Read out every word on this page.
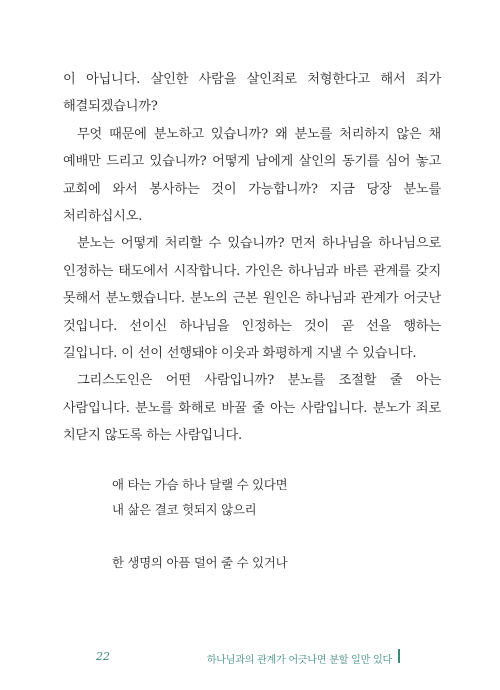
이 아닙니다. 살인한 사람을 살인죄로 처형한다고 해서 죄가 해결되겠습니까?

무엇 때문에 분노하고 있습니까? 왜 분노를 처리하지 않은 채 예배만 드리고 있습니까? 어떻게 남에게 살인의 동기를 심어 놓고 교회에 와서 봉사하는 것이 가능합니까? 지금 당장 분노를 처리하십시오.

분노는 어떻게 처리할 수 있습니까? 먼저 하나님을 하나님으로 인정하는 태도에서 시작합니다. 가인은 하나님과 바른 관계를 갖지 못해서 분노했습니다. 분노의 근본 원인은 하나님과 관계가 어긋난 것입니다. 선이신 하나님을 인정하는 것이 곧 선을 행하는 길입니다. 이 선이 선행돼야 이웃과 화평하게 지낼 수 있습니다.

그리스도인은 어떤 사람입니까? 분노를 조절할 줄 아는 사람입니다. 분노를 화해로 바꿀 줄 아는 사람입니다. 분노가 죄로 치닫지 않도록 하는 사람입니다.

애 타는 가슴 하나 달랠 수 있다면
내 삶은 결코 헛되지 않으리
한 생명의 아픔 덜어 줄 수 있거나
22	하나님과의 관계가 어긋나면 분할 일만 있다
